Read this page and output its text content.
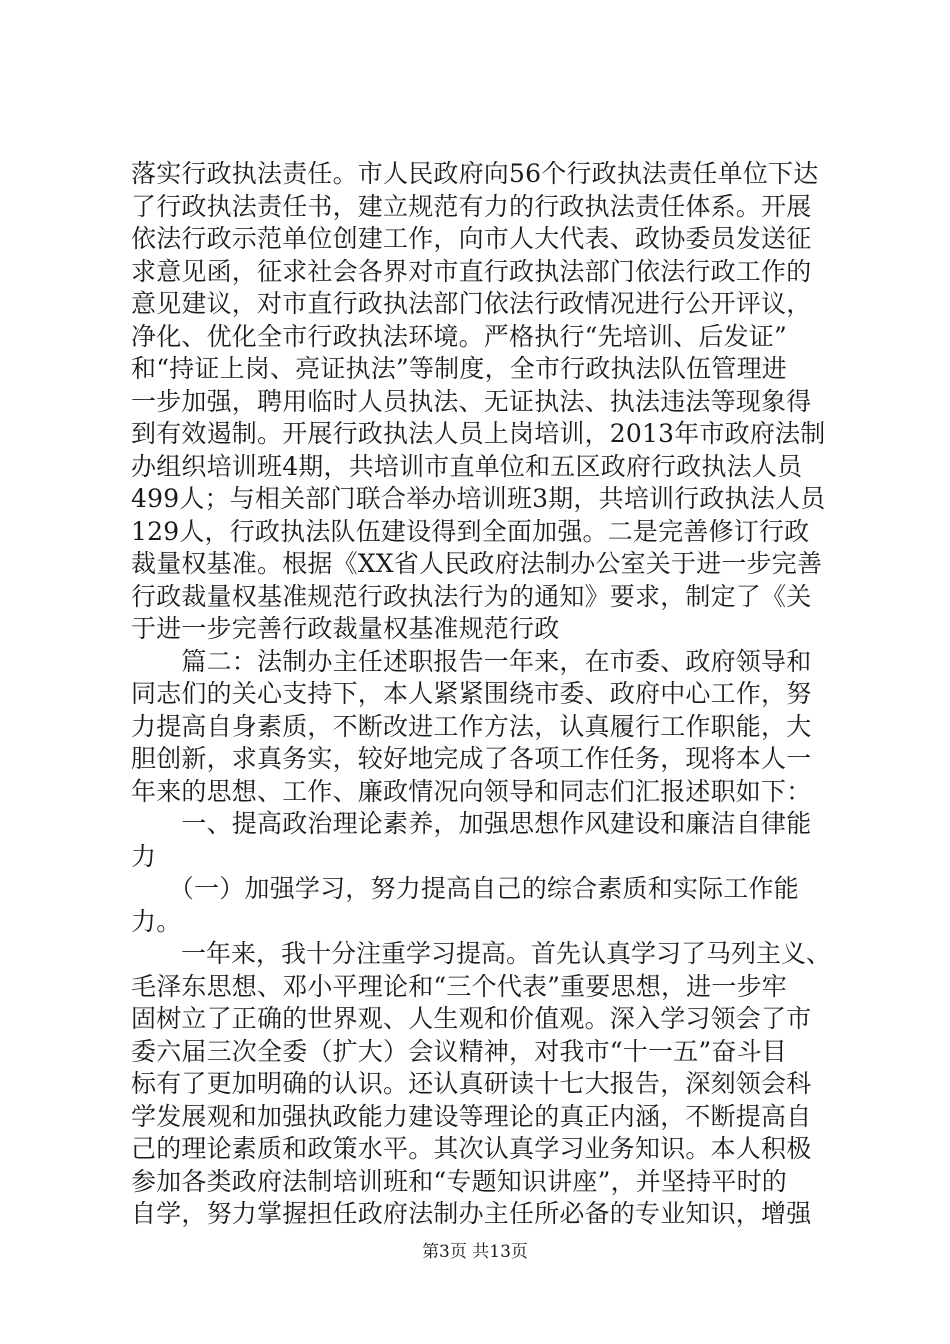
落实行政执法责任。市人民政府向56个行政执法责任单位下达
了行政执法责任书，建立规范有力的行政执法责任体系。开展
依法行政示范单位创建工作，向市人大代表、政协委员发送征
求意见函，征求社会各界对市直行政执法部门依法行政工作的
意见建议，对市直行政执法部门依法行政情况进行公开评议，
净化、优化全市行政执法环境。严格执行“先培训、后发证”
和“持证上岗、亮证执法”等制度，全市行政执法队伍管理进
一步加强，聘用临时人员执法、无证执法、执法违法等现象得
到有效遏制。开展行政执法人员上岗培训，2013年市政府法制
办组织培训班4期，共培训市直单位和五区政府行政执法人员
499人；与相关部门联合举办培训班3期，共培训行政执法人员
129人，行政执法队伍建设得到全面加强。二是完善修订行政
裁量权基准。根据《XX省人民政府法制办公室关于进一步完善
行政裁量权基准规范行政执法行为的通知》要求，制定了《关
于进一步完善行政裁量权基准规范行政
　　篇二：法制办主任述职报告一年来，在市委、政府领导和
同志们的关心支持下，本人紧紧围绕市委、政府中心工作，努
力提高自身素质，不断改进工作方法，认真履行工作职能，大
胆创新，求真务实，较好地完成了各项工作任务，现将本人一
年来的思想、工作、廉政情况向领导和同志们汇报述职如下：
　　一、提高政治理论素养，加强思想作风建设和廉洁自律能
力
　　（一）加强学习，努力提高自己的综合素质和实际工作能
力。
　　一年来，我十分注重学习提高。首先认真学习了马列主义、
毛泽东思想、邓小平理论和“三个代表”重要思想，进一步牢
固树立了正确的世界观、人生观和价值观。深入学习领会了市
委六届三次全委（扩大）会议精神，对我市“十一五”奋斗目
标有了更加明确的认识。还认真研读十七大报告，深刻领会科
学发展观和加强执政能力建设等理论的真正内涵，不断提高自
己的理论素质和政策水平。其次认真学习业务知识。本人积极
参加各类政府法制培训班和“专题知识讲座”，并坚持平时的
自学，努力掌握担任政府法制办主任所必备的专业知识，增强
第3页 共13页
